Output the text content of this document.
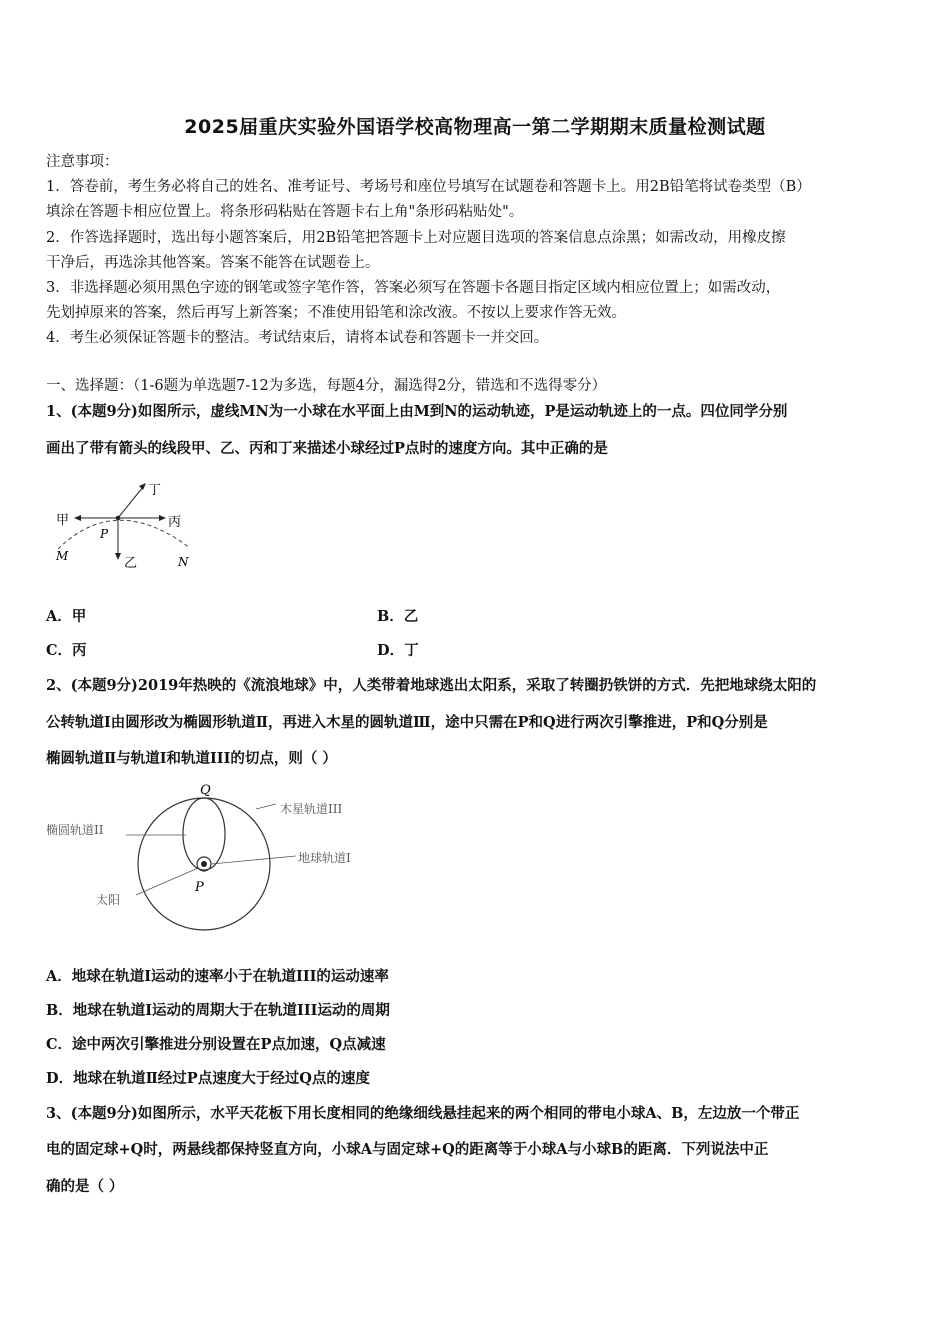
2025届重庆实验外国语学校高物理高一第二学期期末质量检测试题
注意事项：
1．答卷前，考生务必将自己的姓名、准考证号、考场号和座位号填写在试题卷和答题卡上。用2B铅笔将试卷类型（B）
填涂在答题卡相应位置上。将条形码粘贴在答题卡右上角"条形码粘贴处"。
2．作答选择题时，选出每小题答案后，用2B铅笔把答题卡上对应题目选项的答案信息点涂黑；如需改动，用橡皮擦
干净后，再选涂其他答案。答案不能答在试题卷上。
3．非选择题必须用黑色字迹的钢笔或签字笔作答，答案必须写在答题卡各题目指定区域内相应位置上；如需改动，
先划掉原来的答案，然后再写上新答案；不准使用铅笔和涂改液。不按以上要求作答无效。
4．考生必须保证答题卡的整洁。考试结束后，请将本试卷和答题卡一并交回。
一、选择题：（1-6题为单选题7-12为多选，每题4分，漏选得2分，错选和不选得零分）
1、(本题9分)如图所示，虚线MN为一小球在水平面上由M到N的运动轨迹，P是运动轨迹上的一点。四位同学分别
画出了带有箭头的线段甲、乙、丙和丁来描述小球经过P点时的速度方向。其中正确的是
甲	丙
丁
乙
P
M	N
A．甲	B．乙
C．丙	D．丁
2、(本题9分)2019年热映的《流浪地球》中，人类带着地球逃出太阳系，采取了转圈扔铁饼的方式．先把地球绕太阳的
公转轨道I由圆形改为椭圆形轨道Ⅱ，再进入木星的圆轨道Ⅲ，途中只需在P和Q进行两次引擎推进，P和Q分别是
椭圆轨道Ⅱ与轨道I和轨道III的切点，则（ ）
Q
P
木星轨道III
椭圆轨道II
地球轨道Ⅰ
太阳
A．地球在轨道I运动的速率小于在轨道III的运动速率
B．地球在轨道I运动的周期大于在轨道III运动的周期
C．途中两次引擎推进分别设置在P点加速，Q点减速
D．地球在轨道Ⅱ经过P点速度大于经过Q点的速度
3、(本题9分)如图所示，水平天花板下用长度相同的绝缘细线悬挂起来的两个相同的带电小球A、B，左边放一个带正
电的固定球+Q时，两悬线都保持竖直方向，小球A与固定球+Q的距离等于小球A与小球B的距离．下列说法中正
确的是（ ）
